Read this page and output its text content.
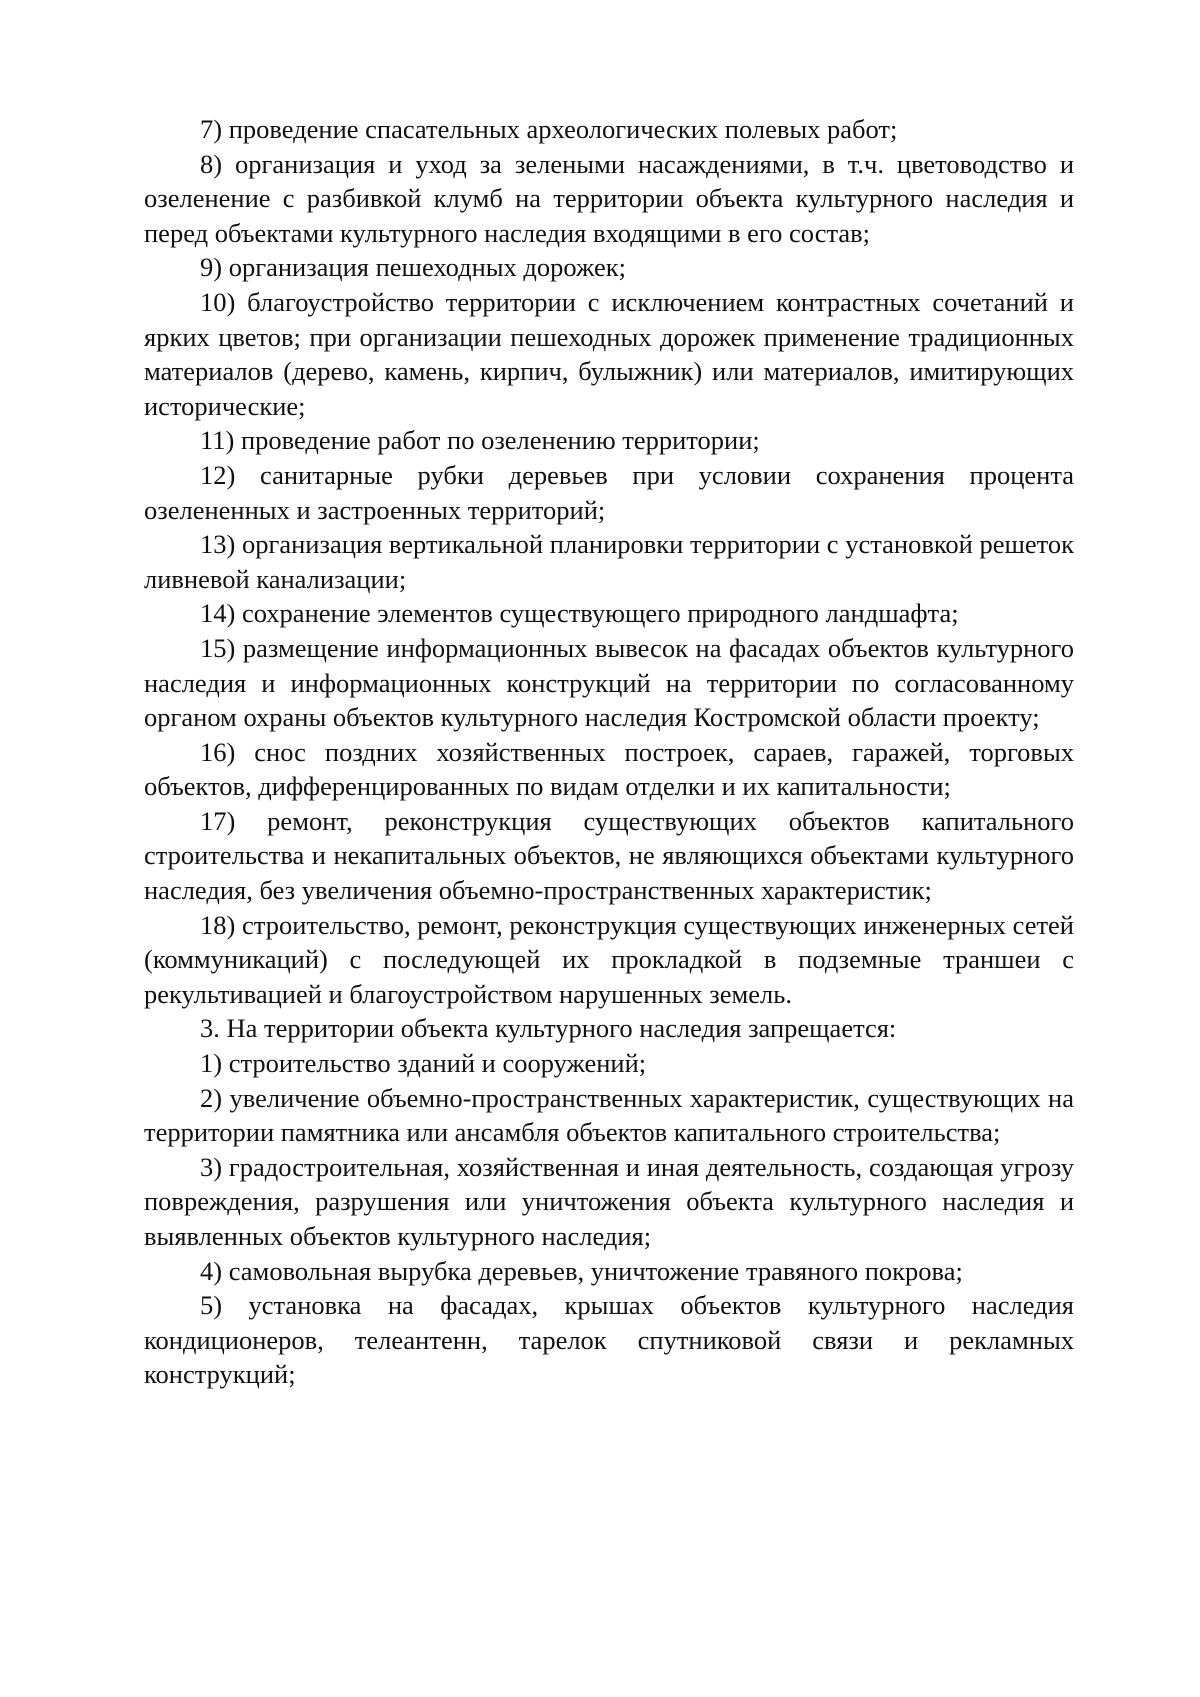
7) проведение спасательных археологических полевых работ;

8) организация и уход за зелеными насаждениями, в т.ч. цветоводство и озеленение с разбивкой клумб на территории объекта культурного наследия и перед объектами культурного наследия входящими в его состав;

9) организация пешеходных дорожек;

10) благоустройство территории с исключением контрастных сочетаний и ярких цветов; при организации пешеходных дорожек применение традиционных материалов (дерево, камень, кирпич, булыжник) или материалов, имитирующих исторические;

11) проведение работ по озеленению территории;

12) санитарные рубки деревьев при условии сохранения процента озелененных и застроенных территорий;

13) организация вертикальной планировки территории с установкой решеток ливневой канализации;

14) сохранение элементов существующего природного ландшафта;

15) размещение информационных вывесок на фасадах объектов культурного наследия и информационных конструкций на территории по согласованному органом охраны объектов культурного наследия Костромской области проекту;

16) снос поздних хозяйственных построек, сараев, гаражей, торговых объектов, дифференцированных по видам отделки и их капитальности;

17) ремонт, реконструкция существующих объектов капитального строительства и некапитальных объектов, не являющихся объектами культурного наследия, без увеличения объемно-пространственных характеристик;

18) строительство, ремонт, реконструкция существующих инженерных сетей (коммуникаций) с последующей их прокладкой в подземные траншеи с рекультивацией и благоустройством нарушенных земель.

3. На территории объекта культурного наследия запрещается:

1) строительство зданий и сооружений;

2) увеличение объемно-пространственных характеристик, существующих на территории памятника или ансамбля объектов капитального строительства;

3) градостроительная, хозяйственная и иная деятельность, создающая угрозу повреждения, разрушения или уничтожения объекта культурного наследия и выявленных объектов культурного наследия;

4) самовольная вырубка деревьев, уничтожение травяного покрова;

5) установка на фасадах, крышах объектов культурного наследия кондиционеров, телеантенн, тарелок спутниковой связи и рекламных конструкций;
